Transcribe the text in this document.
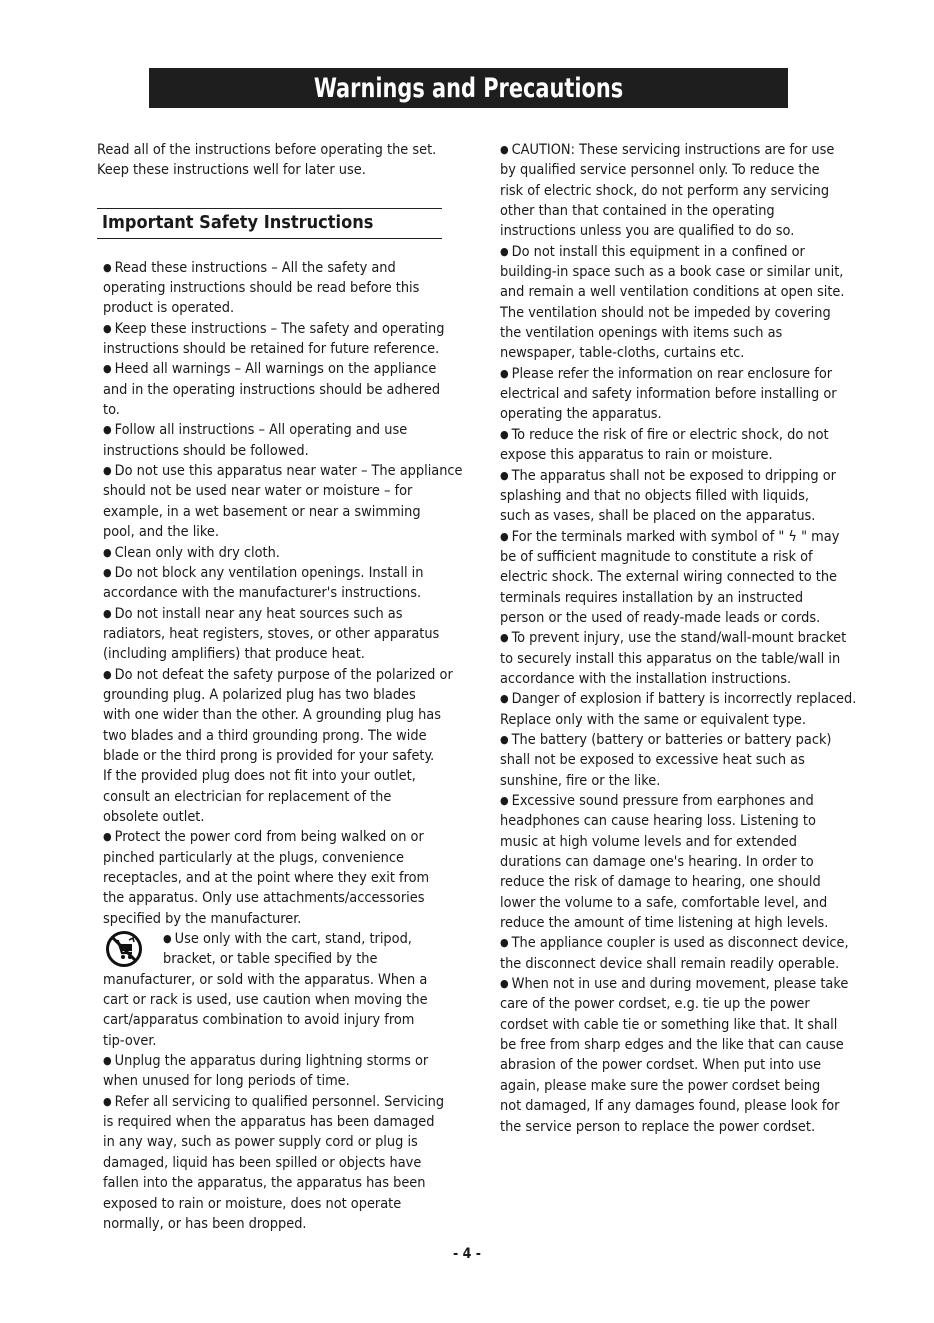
Warnings and Precautions

Read all of the instructions before operating the set.
Keep these instructions well for later use.

Important Safety Instructions
● Read these instructions – All the safety and
operating instructions should be read before this
product is operated.
● Keep these instructions – The safety and operating
instructions should be retained for future reference.
● Heed all warnings – All warnings on the appliance
and in the operating instructions should be adhered
to.
● Follow all instructions – All operating and use
instructions should be followed.
● Do not use this apparatus near water – The appliance
should not be used near water or moisture – for
example, in a wet basement or near a swimming
pool, and the like.
● Clean only with dry cloth.
● Do not block any ventilation openings. Install in
accordance with the manufacturer's instructions.
● Do not install near any heat sources such as
radiators, heat registers, stoves, or other apparatus
(including amplifiers) that produce heat.
● Do not defeat the safety purpose of the polarized or
grounding plug. A polarized plug has two blades
with one wider than the other. A grounding plug has
two blades and a third grounding prong. The wide
blade or the third prong is provided for your safety.
If the provided plug does not fit into your outlet,
consult an electrician for replacement of the
obsolete outlet.
● Protect the power cord from being walked on or
pinched particularly at the plugs, convenience
receptacles, and at the point where they exit from
the apparatus. Only use attachments/accessories
specified by the manufacturer.
● Use only with the cart, stand, tripod,
bracket, or table specified by the
manufacturer, or sold with the apparatus. When a
cart or rack is used, use caution when moving the
cart/apparatus combination to avoid injury from
tip-over.
● Unplug the apparatus during lightning storms or
when unused for long periods of time.
● Refer all servicing to qualified personnel. Servicing
is required when the apparatus has been damaged
in any way, such as power supply cord or plug is
damaged, liquid has been spilled or objects have
fallen into the apparatus, the apparatus has been
exposed to rain or moisture, does not operate
normally, or has been dropped.
● CAUTION: These servicing instructions are for use
by qualified service personnel only. To reduce the
risk of electric shock, do not perform any servicing
other than that contained in the operating
instructions unless you are qualified to do so.
● Do not install this equipment in a confined or
building-in space such as a book case or similar unit,
and remain a well ventilation conditions at open site.
The ventilation should not be impeded by covering
the ventilation openings with items such as
newspaper, table-cloths, curtains etc.
● Please refer the information on rear enclosure for
electrical and safety information before installing or
operating the apparatus.
● To reduce the risk of fire or electric shock, do not
expose this apparatus to rain or moisture.
● The apparatus shall not be exposed to dripping or
splashing and that no objects filled with liquids,
such as vases, shall be placed on the apparatus.
● For the terminals marked with symbol of " ϟ " may
be of sufficient magnitude to constitute a risk of
electric shock. The external wiring connected to the
terminals requires installation by an instructed
person or the used of ready-made leads or cords.
● To prevent injury, use the stand/wall-mount bracket
to securely install this apparatus on the table/wall in
accordance with the installation instructions.
● Danger of explosion if battery is incorrectly replaced.
Replace only with the same or equivalent type.
● The battery (battery or batteries or battery pack)
shall not be exposed to excessive heat such as
sunshine, fire or the like.
● Excessive sound pressure from earphones and
headphones can cause hearing loss. Listening to
music at high volume levels and for extended
durations can damage one's hearing. In order to
reduce the risk of damage to hearing, one should
lower the volume to a safe, comfortable level, and
reduce the amount of time listening at high levels.
● The appliance coupler is used as disconnect device,
the disconnect device shall remain readily operable.
● When not in use and during movement, please take
care of the power cordset, e.g. tie up the power
cordset with cable tie or something like that. It shall
be free from sharp edges and the like that can cause
abrasion of the power cordset. When put into use
again, please make sure the power cordset being
not damaged, If any damages found, please look for
the service person to replace the power cordset.
- 4 -
